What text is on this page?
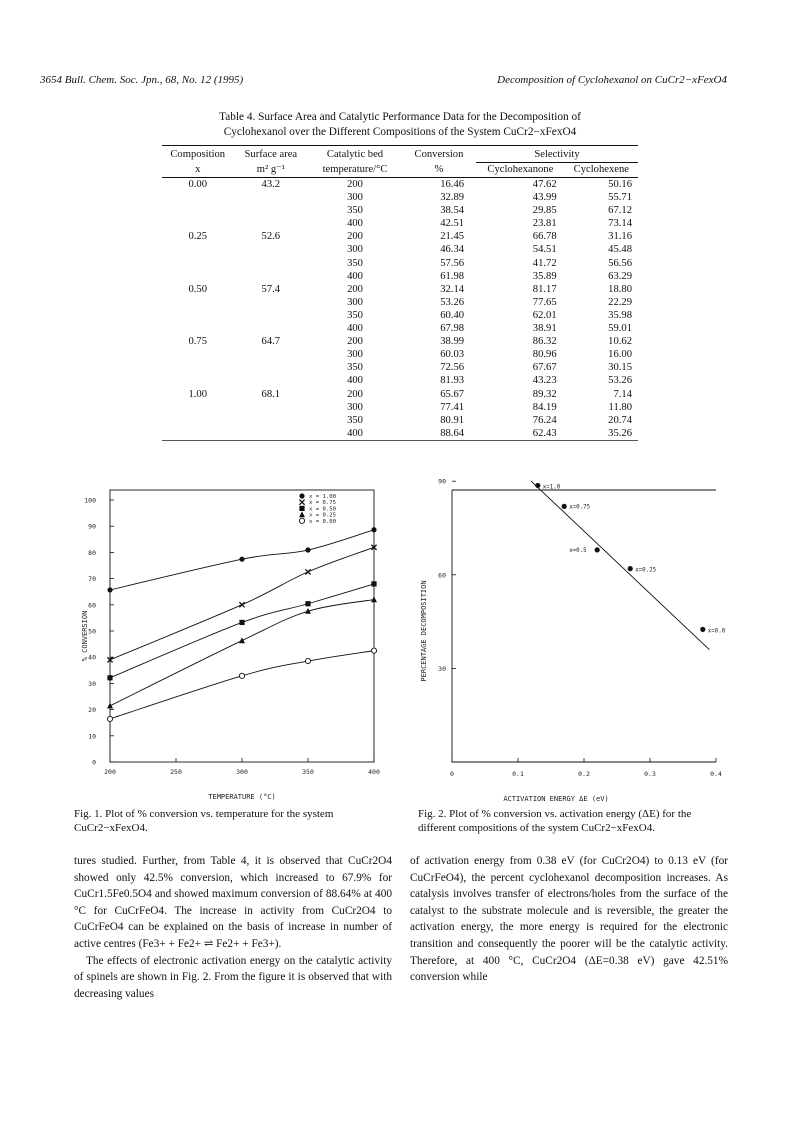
3654 Bull. Chem. Soc. Jpn., 68, No. 12 (1995)	Decomposition of Cyclohexanol on CuCr2−xFexO4
Table 4. Surface Area and Catalytic Performance Data for the Decomposition of
Cyclohexanol over the Different Compositions of the System CuCr2−xFexO4
Composition	Surface area	Catalytic bed	Conversion	Selectivity	
x	m² g⁻¹	temperature/°C	%	Cyclohexanone	Cyclohexene
0.00	43.2	200	16.46	47.62	50.16
		300	32.89	43.99	55.71
		350	38.54	29.85	67.12
		400	42.51	23.81	73.14
0.25	52.6	200	21.45	66.78	31.16
		300	46.34	54.51	45.48
		350	57.56	41.72	56.56
		400	61.98	35.89	63.29
0.50	57.4	200	32.14	81.17	18.80
		300	53.26	77.65	22.29
		350	60.40	62.01	35.98
		400	67.98	38.91	59.01
0.75	64.7	200	38.99	86.32	10.62
		300	60.03	80.96	16.00
		350	72.56	67.67	30.15
		400	81.93	43.23	53.26
1.00	68.1	200	65.67	89.32	7.14
		300	77.41	84.19	11.80
		350	80.91	76.24	20.74
		400	88.64	62.43	35.26
0
10
20
30
40
50
60
70
80
90
100
200	250	300	350	400
x = 1.00
x = 0.75
x = 0.50
x = 0.25
x = 0.00
TEMPERATURE (°C)
% CONVERSION
30
60
90
0	0.1	0.2	0.3	0.4
x=1.0
x=0.75
x=0.5
x=0.25
x=0.0
ACTIVATION ENERGY ΔE (eV)
PERCENTAGE DECOMPOSITION
Fig. 1. Plot of % conversion vs. temperature for the system CuCr2−xFexO4.
Fig. 2. Plot of % conversion vs. activation energy (ΔE) for the different compositions of the system CuCr2−xFexO4.

tures studied. Further, from Table 4, it is observed that CuCr2O4 showed only 42.5% conversion, which increased to 67.9% for CuCr1.5Fe0.5O4 and showed maximum conversion of 88.64% at 400 °C for CuCrFeO4. The increase in activity from CuCr2O4 to CuCrFeO4 can be explained on the basis of increase in number of active centres (Fe3+ + Fe2+ ⇌ Fe2+ + Fe3+).

The effects of electronic activation energy on the catalytic activity of spinels are shown in Fig. 2. From the figure it is observed that with decreasing values

of activation energy from 0.38 eV (for CuCr2O4) to 0.13 eV (for CuCrFeO4), the percent cyclohexanol decomposition increases. As catalysis involves transfer of electrons/holes from the surface of the catalyst to the substrate molecule and is reversible, the greater the activation energy, the more energy is required for the electronic transition and consequently the poorer will be the catalytic activity. Therefore, at 400 °C, CuCr2O4 (ΔE=0.38 eV) gave 42.51% conversion while
